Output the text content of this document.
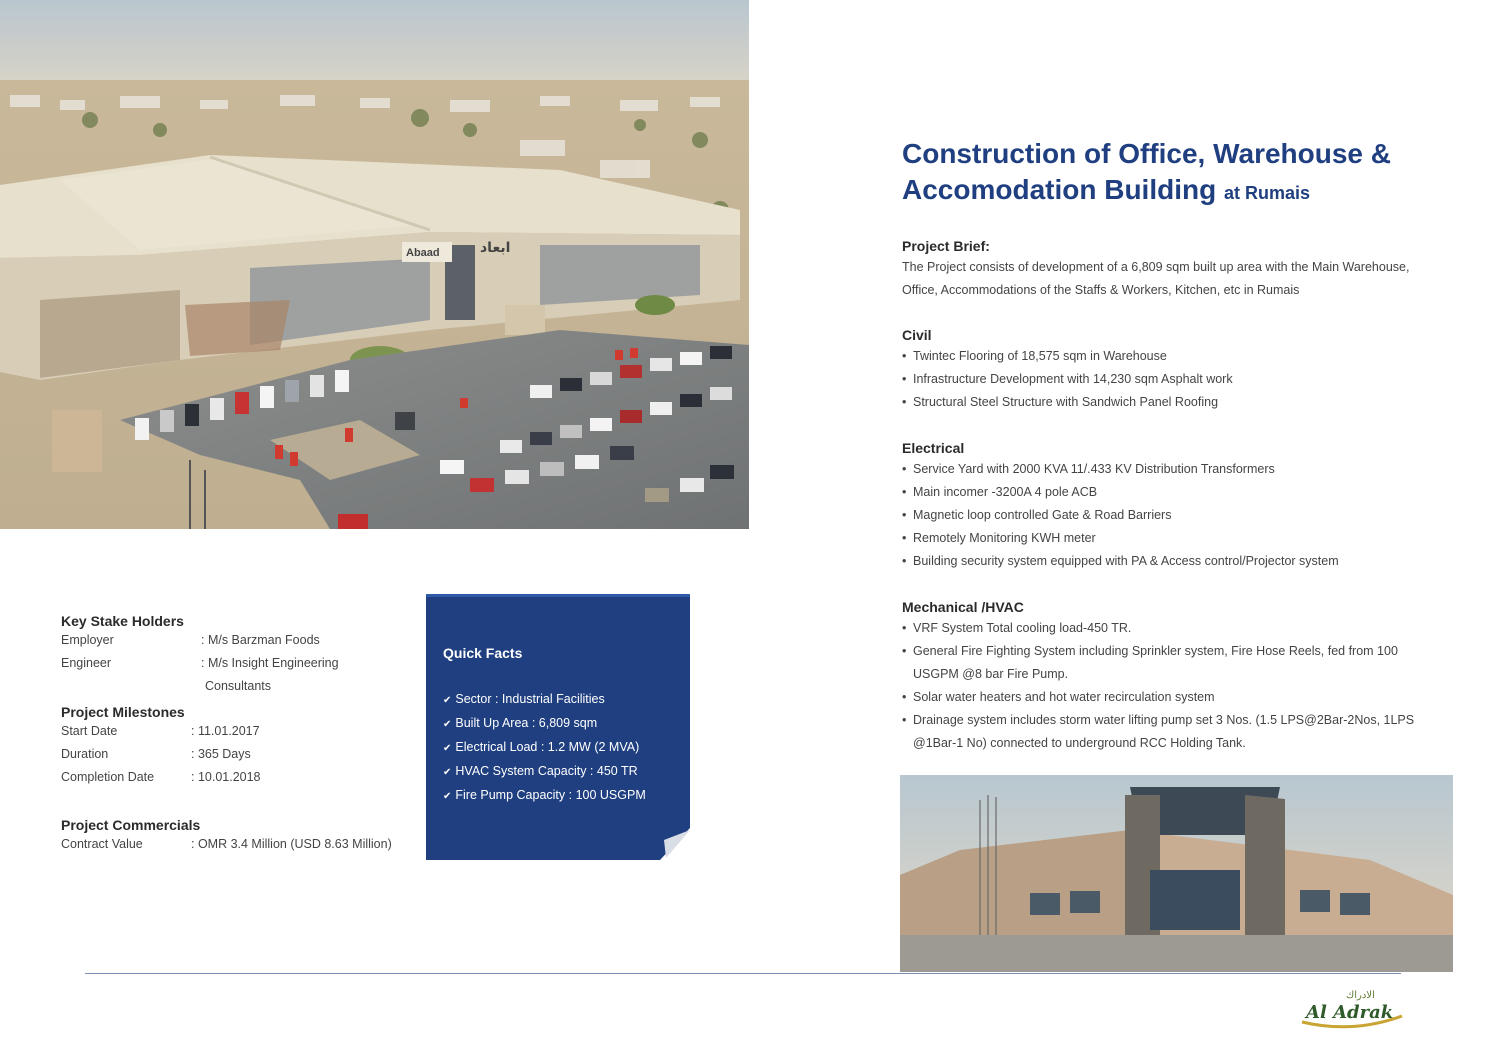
Abaad	ابعاد
Construction of Office, Warehouse & Accomodation Building at Rumais

Project Brief:

The Project consists of development of a 6,809 sqm built up area with the Main Warehouse, Office, Accommodations of the Staffs & Workers, Kitchen, etc in Rumais

Civil

• Twintec Flooring of 18,575 sqm in Warehouse
• Infrastructure Development with 14,230 sqm Asphalt work
• Structural Steel Structure with Sandwich Panel Roofing

Electrical

• Service Yard with 2000 KVA 11/.433 KV Distribution Transformers
• Main incomer -3200A 4 pole ACB
• Magnetic loop controlled Gate & Road Barriers
• Remotely Monitoring KWH meter
• Building security system equipped with PA & Access control/Projector system

Mechanical /HVAC

• VRF System Total cooling load-450 TR.
• General Fire Fighting System including Sprinkler system, Fire Hose Reels, fed from 100 USGPM @8 bar Fire Pump.
• Solar water heaters and hot water recirculation system
• Drainage system includes storm water lifting pump set 3 Nos. (1.5 LPS@2Bar-2Nos, 1LPS @1Bar-1 No) connected to underground RCC Holding Tank.

Key Stake Holders

Employer	: M/s Barzman Foods
Engineer	: M/s Insight Engineering
Consultants

Project Milestones

Start Date	: 11.01.2017
Duration	: 365 Days
Completion Date	: 10.01.2018

Project Commercials

Contract Value	: OMR 3.4 Million (USD 8.63 Million)
Quick Facts
✔ Sector : Industrial Facilities
✔ Built Up Area : 6,809 sqm
✔ Electrical Load : 1.2 MW (2 MVA)
✔ HVAC System Capacity : 450 TR
✔ Fire Pump Capacity : 100 USGPM
الادراك
Al Adrak
